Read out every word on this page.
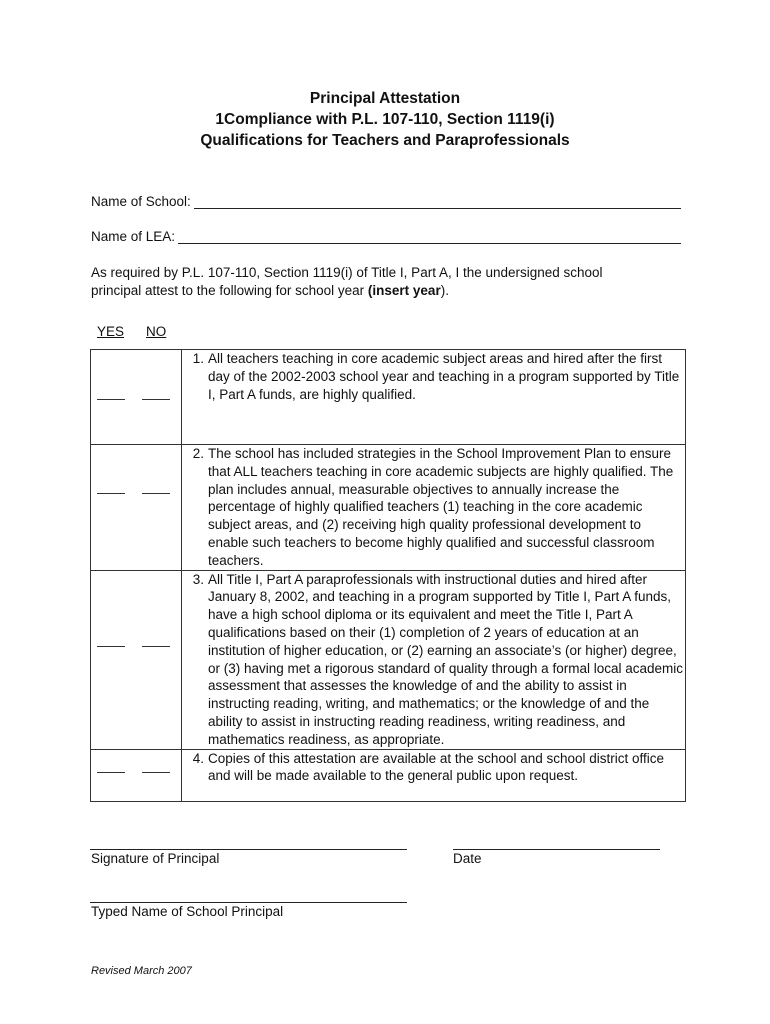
Principal Attestation
1Compliance with P.L. 107-110, Section 1119(i)
Qualifications for Teachers and Paraprofessionals
Name of School:
Name of LEA:
As required by P.L. 107-110, Section 1119(i) of Title I, Part A, I the undersigned school principal attest to the following for school year (insert year).
YES NO

	1. All teachers teaching in core academic subject areas and hired after the first day of the 2002-2003 school year and teaching in a program supported by Title I, Part A funds, are highly qualified.

	2. The school has included strategies in the School Improvement Plan to ensure that ALL teachers teaching in core academic subjects are highly qualified. The plan includes annual, measurable objectives to annually increase the percentage of highly qualified teachers (1) teaching in the core academic subject areas, and (2) receiving high quality professional development to enable such teachers to become highly qualified and successful classroom teachers.

	3. All Title I, Part A paraprofessionals with instructional duties and hired after January 8, 2002, and teaching in a program supported by Title I, Part A funds, have a high school diploma or its equivalent and meet the Title I, Part A qualifications based on their (1) completion of 2 years of education at an institution of higher education, or (2) earning an associate’s (or higher) degree, or (3) having met a rigorous standard of quality through a formal local academic assessment that assesses the knowledge of and the ability to assist in instructing reading, writing, and mathematics; or the knowledge of and the ability to assist in instructing reading readiness, writing readiness, and mathematics readiness, as appropriate.

	4. Copies of this attestation are available at the school and school district office and will be made available to the general public upon request.
Signature of Principal	Date
Typed Name of School Principal
Revised March 2007
